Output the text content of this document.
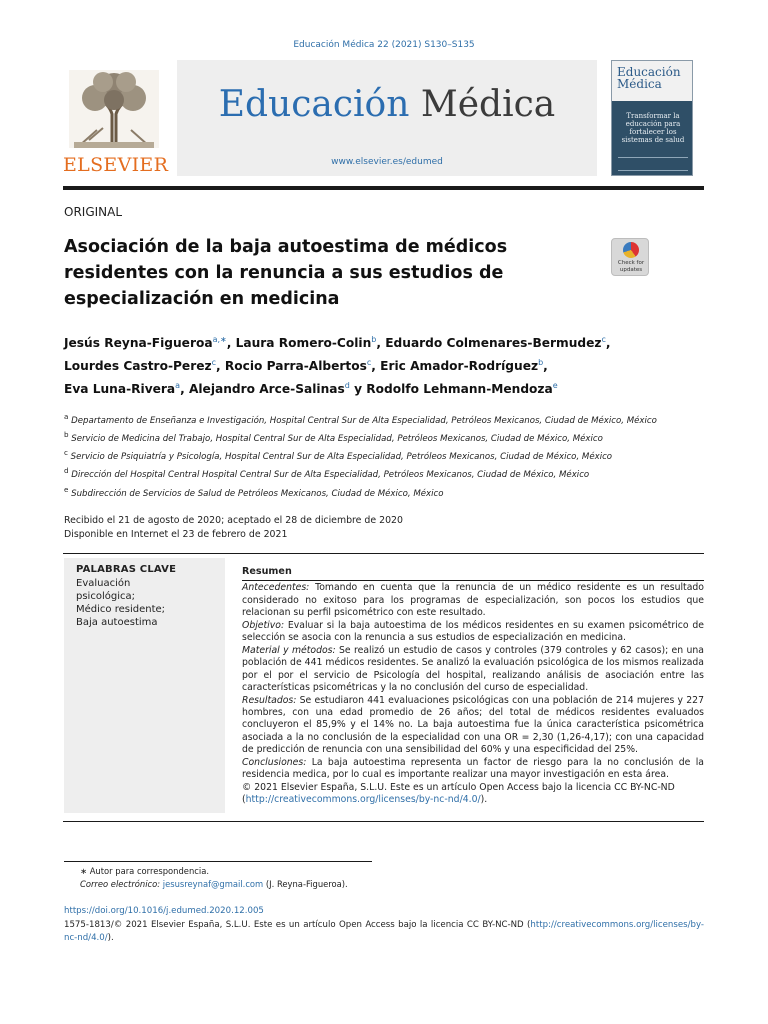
Educación Médica 22 (2021) S130–S135
ELSEVIER
Educación Médica
www.elsevier.es/edumed
Educación
Médica
Transformar la educación para fortalecer los sistemas de salud
ORIGINAL
Asociación de la baja autoestima de médicos residentes con la renuncia a sus estudios de especialización en medicina
Check for
updates
Jesús Reyna-Figueroa$^{a,∗}$, Laura Romero-Colin$^b$, Eduardo Colmenares-Bermudez$^c$,
Lourdes Castro-Perez$^c$, Rocio Parra-Albertos$^c$, Eric Amador-Rodríguez$^b$,
Eva Luna-Rivera$^a$, Alejandro Arce-Salinas$^d$ y Rodolfo Lehmann-Mendoza$^e$
$^a$ Departamento de Enseñanza e Investigación, Hospital Central Sur de Alta Especialidad, Petróleos Mexicanos, Ciudad de México, México
$^b$ Servicio de Medicina del Trabajo, Hospital Central Sur de Alta Especialidad, Petróleos Mexicanos, Ciudad de México, México
$^c$ Servicio de Psiquiatría y Psicología, Hospital Central Sur de Alta Especialidad, Petróleos Mexicanos, Ciudad de México, México
$^d$ Dirección del Hospital Central Hospital Central Sur de Alta Especialidad, Petróleos Mexicanos, Ciudad de México, México
$^e$ Subdirección de Servicios de Salud de Petróleos Mexicanos, Ciudad de México, México
Recibido el 21 de agosto de 2020; aceptado el 28 de diciembre de 2020
Disponible en Internet el 23 de febrero de 2021
PALABRAS CLAVE
Evaluación
psicológica;
Médico residente;
Baja autoestima
Resumen
Antecedentes: Tomando en cuenta que la renuncia de un médico residente es un resultado considerado no exitoso para los programas de especialización, son pocos los estudios que relacionan su perfil psicométrico con este resultado.
Objetivo: Evaluar si la baja autoestima de los médicos residentes en su examen psicométrico de selección se asocia con la renuncia a sus estudios de especialización en medicina.
Material y métodos: Se realizó un estudio de casos y controles (379 controles y 62 casos); en una población de 441 médicos residentes. Se analizó la evaluación psicológica de los mismos realizada por el por el servicio de Psicología del hospital, realizando análisis de asociación entre las características psicométricas y la no conclusión del curso de especialidad.
Resultados: Se estudiaron 441 evaluaciones psicológicas con una población de 214 mujeres y 227 hombres, con una edad promedio de 26 años; del total de médicos residentes evaluados concluyeron el 85,9% y el 14% no. La baja autoestima fue la única característica psicométrica asociada a la no conclusión de la especialidad con una OR = 2,30 (1,26-4,17); con una capacidad de predicción de renuncia con una sensibilidad del 60% y una especificidad del 25%.
Conclusiones: La baja autoestima representa un factor de riesgo para la no conclusión de la residencia medica, por lo cual es importante realizar una mayor investigación en esta área.
© 2021 Elsevier España, S.L.U. Este es un artículo Open Access bajo la licencia CC BY-NC-ND
(http://creativecommons.org/licenses/by-nc-nd/4.0/).
∗ Autor para correspondencia.
Correo electrónico: jesusreynaf@gmail.com (J. Reyna-Figueroa).
https://doi.org/10.1016/j.edumed.2020.12.005
1575-1813/© 2021 Elsevier España, S.L.U. Este es un artículo Open Access bajo la licencia CC BY-NC-ND (http://creativecommons.org/licenses/by-nc-nd/4.0/).
